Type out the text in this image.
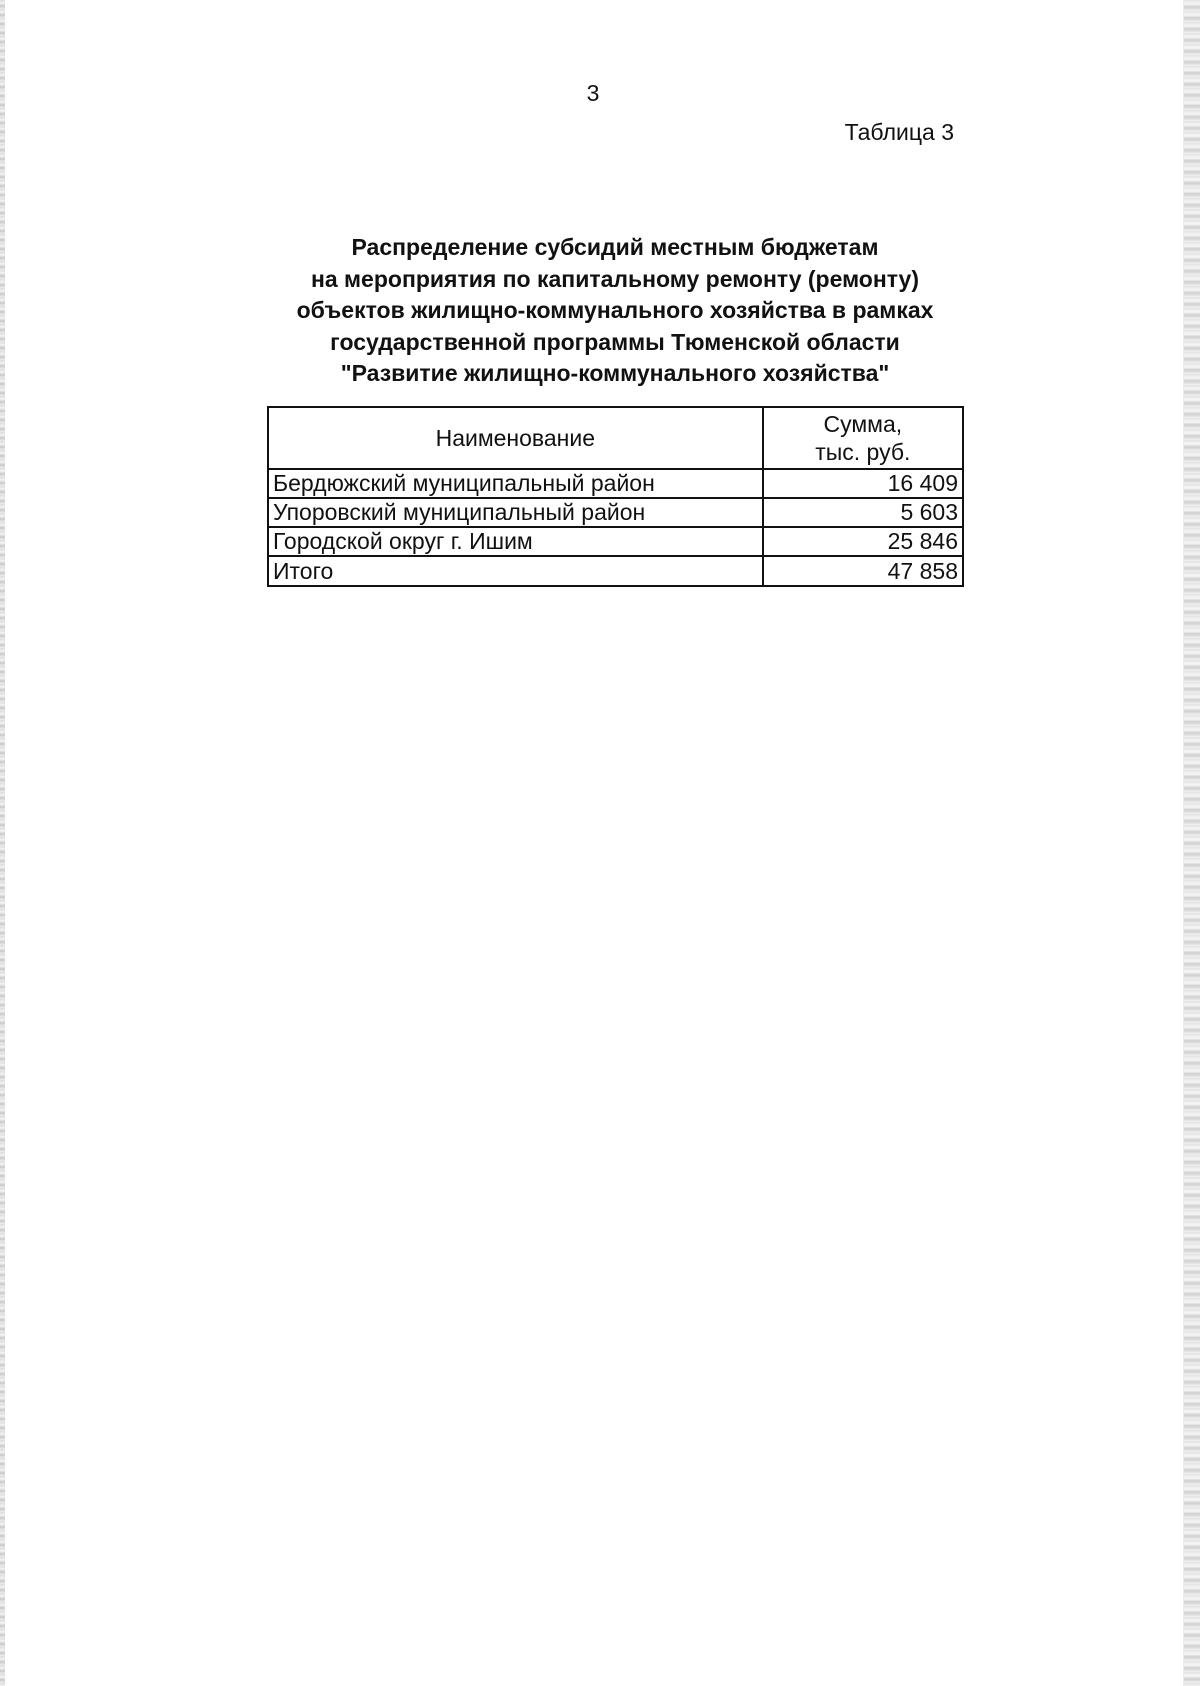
3
Таблица 3
Распределение субсидий местным бюджетам
на мероприятия по капитальному ремонту (ремонту)
объектов жилищно-коммунального хозяйства в рамках
государственной программы Тюменской области
"Развитие жилищно-коммунального хозяйства"
Наименование	Сумма,
тыс. руб.

Бердюжский муниципальный район	16 409
Упоровский муниципальный район	5 603
Городской округ г. Ишим	25 846
Итого	47 858
